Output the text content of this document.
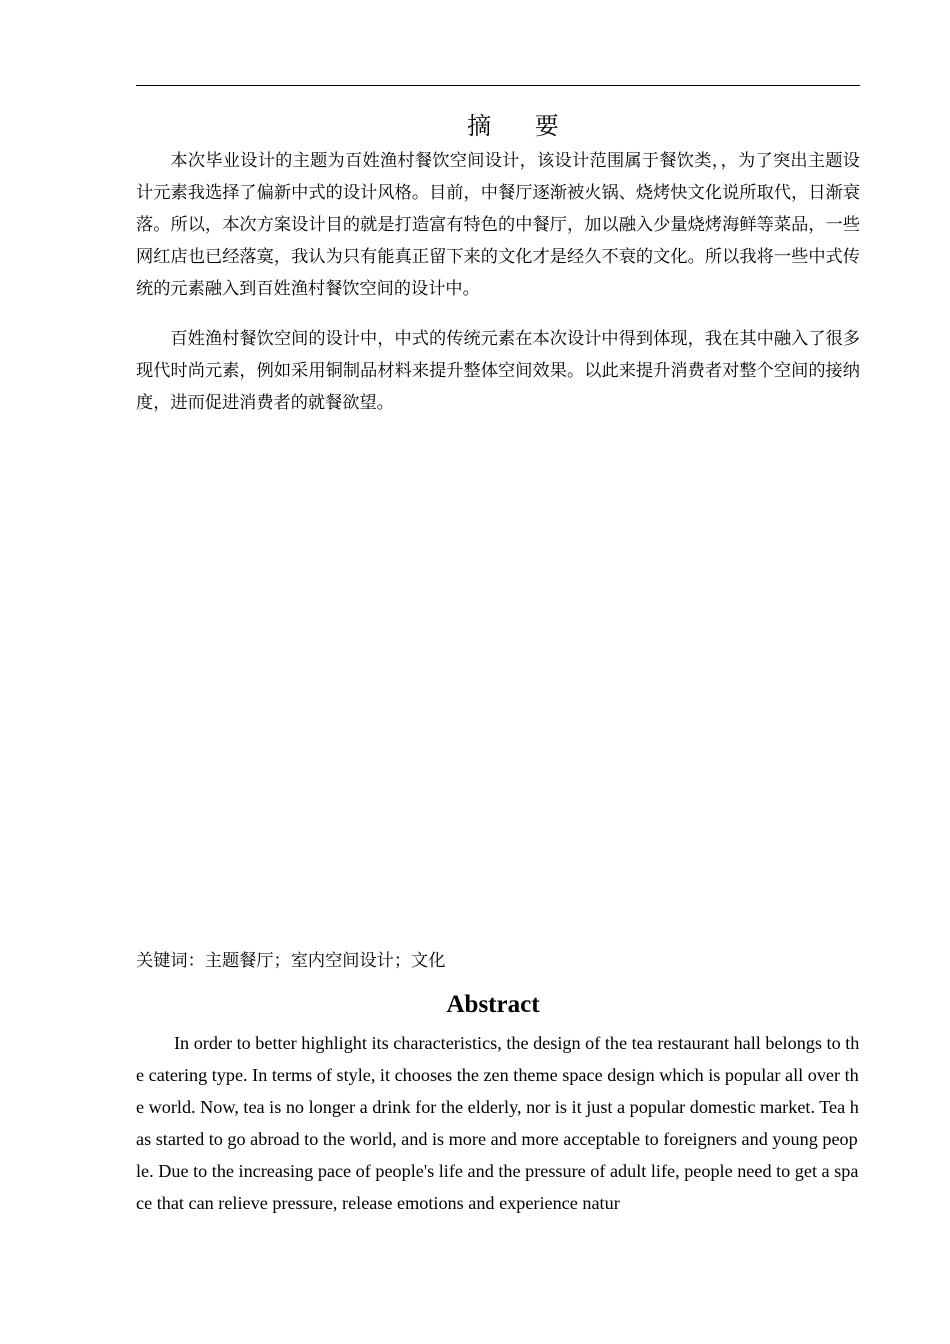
摘 要

本次毕业设计的主题为百姓渔村餐饮空间设计，该设计范围属于餐饮类，，为了突出主题设计元素我选择了偏新中式的设计风格。目前，中餐厅逐渐被火锅、烧烤快文化说所取代，日渐衰落。所以，本次方案设计目的就是打造富有特色的中餐厅，加以融入少量烧烤海鲜等菜品，一些网红店也已经落寞，我认为只有能真正留下来的文化才是经久不衰的文化。所以我将一些中式传统的元素融入到百姓渔村餐饮空间的设计中。

百姓渔村餐饮空间的设计中，中式的传统元素在本次设计中得到体现，我在其中融入了很多现代时尚元素，例如采用铜制品材料来提升整体空间效果。以此来提升消费者对整个空间的接纳度，进而促进消费者的就餐欲望。

关键词：主题餐厅；室内空间设计；文化

Abstract

In order to better highlight its characteristics, the design of the tea restaurant hall belongs to the catering type. In terms of style, it chooses the zen theme space design which is popular all over the world. Now, tea is no longer a drink for the elderly, nor is it just a popular domestic market. Tea has started to go abroad to the world, and is more and more acceptable to foreigners and young people. Due to the increasing pace of people's life and the pressure of adult life, people need to get a space that can relieve pressure, release emotions and experience natur
